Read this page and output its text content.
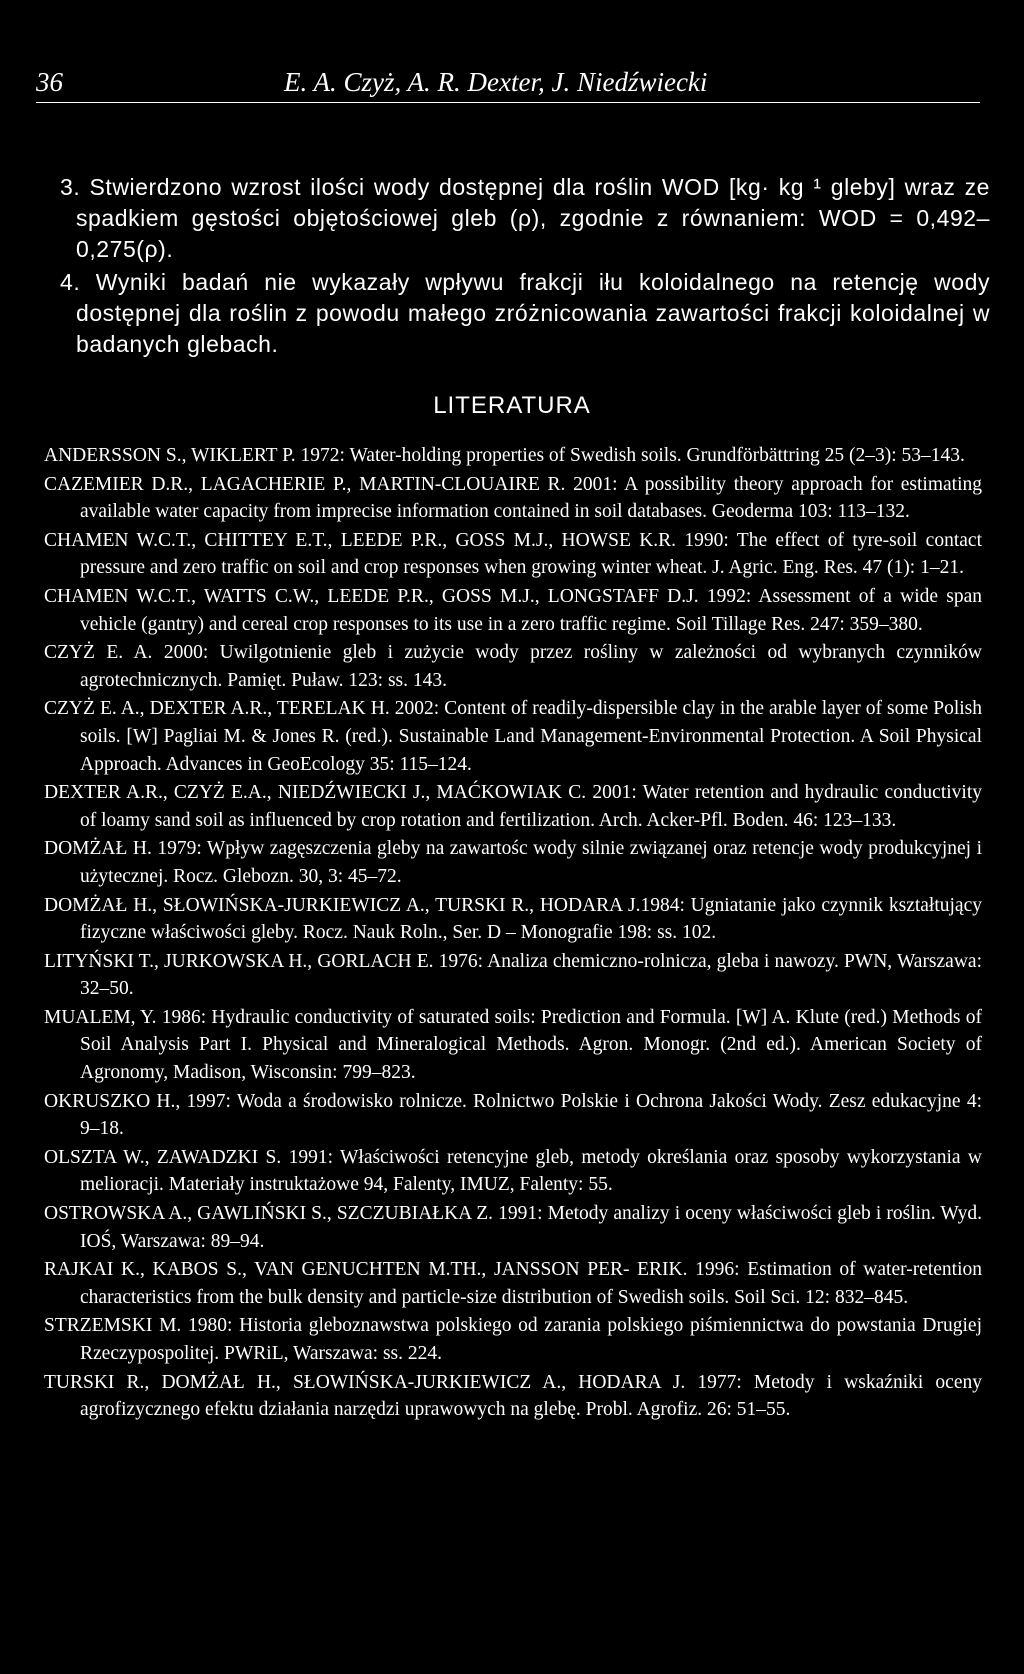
36	E. A. Czyż, A. R. Dexter, J. Niedźwiecki

3. Stwierdzono wzrost ilości wody dostępnej dla roślin WOD [kg· kg ¹ gleby] wraz ze spadkiem gęstości objętościowej gleb (ρ), zgodnie z równaniem: WOD = 0,492–0,275(ρ).

4. Wyniki badań nie wykazały wpływu frakcji iłu koloidalnego na retencję wody dostępnej dla roślin z powodu małego zróżnicowania zawartości frakcji koloidalnej w badanych glebach.

LITERATURA
ANDERSSON S., WIKLERT P. 1972: Water-holding properties of Swedish soils. Grundförbättring 25 (2–3): 53–143.
CAZEMIER D.R., LAGACHERIE P., MARTIN-CLOUAIRE R. 2001: A possibility theory approach for estimating available water capacity from imprecise information contained in soil databases. Geoderma 103: 113–132.
CHAMEN W.C.T., CHITTEY E.T., LEEDE P.R., GOSS M.J., HOWSE K.R. 1990: The effect of tyre-soil contact pressure and zero traffic on soil and crop responses when growing winter wheat. J. Agric. Eng. Res. 47 (1): 1–21.
CHAMEN W.C.T., WATTS C.W., LEEDE P.R., GOSS M.J., LONGSTAFF D.J. 1992: Assessment of a wide span vehicle (gantry) and cereal crop responses to its use in a zero traffic regime. Soil Tillage Res. 247: 359–380.
CZYŻ E. A. 2000: Uwilgotnienie gleb i zużycie wody przez rośliny w zależności od wybranych czynników agrotechnicznych. Pamięt. Puław. 123: ss. 143.
CZYŻ E. A., DEXTER A.R., TERELAK H. 2002: Content of readily-dispersible clay in the arable layer of some Polish soils. [W] Pagliai M. & Jones R. (red.). Sustainable Land Management-Environmental Protection. A Soil Physical Approach. Advances in GeoEcology 35: 115–124.
DEXTER A.R., CZYŻ E.A., NIEDŹWIECKI J., MAĆKOWIAK C. 2001: Water retention and hydraulic conductivity of loamy sand soil as influenced by crop rotation and fertilization. Arch. Acker-Pfl. Boden. 46: 123–133.
DOMŻAŁ H. 1979: Wpływ zagęszczenia gleby na zawartośc wody silnie związanej oraz retencje wody produkcyjnej i użytecznej. Rocz. Glebozn. 30, 3: 45–72.
DOMŻAŁ H., SŁOWIŃSKA-JURKIEWICZ A., TURSKI R., HODARA J.1984: Ugniatanie jako czynnik kształtujący fizyczne właściwości gleby. Rocz. Nauk Roln., Ser. D – Monografie 198: ss. 102.
LITYŃSKI T., JURKOWSKA H., GORLACH E. 1976: Analiza chemiczno-rolnicza, gleba i nawozy. PWN, Warszawa: 32–50.
MUALEM, Y. 1986: Hydraulic conductivity of saturated soils: Prediction and Formula. [W] A. Klute (red.) Methods of Soil Analysis Part I. Physical and Mineralogical Methods. Agron. Monogr. (2nd ed.). American Society of Agronomy, Madison, Wisconsin: 799–823.
OKRUSZKO H., 1997: Woda a środowisko rolnicze. Rolnictwo Polskie i Ochrona Jakości Wody. Zesz edukacyjne 4: 9–18.
OLSZTA W., ZAWADZKI S. 1991: Właściwości retencyjne gleb, metody określania oraz sposoby wykorzystania w melioracji. Materiały instruktażowe 94, Falenty, IMUZ, Falenty: 55.
OSTROWSKA A., GAWLIŃSKI S., SZCZUBIAŁKA Z. 1991: Metody analizy i oceny właściwości gleb i roślin. Wyd. IOŚ, Warszawa: 89–94.
RAJKAI K., KABOS S., VAN GENUCHTEN M.TH., JANSSON PER- ERIK. 1996: Estimation of water-retention characteristics from the bulk density and particle-size distribution of Swedish soils. Soil Sci. 12: 832–845.
STRZEMSKI M. 1980: Historia gleboznawstwa polskiego od zarania polskiego piśmiennictwa do powstania Drugiej Rzeczypospolitej. PWRiL, Warszawa: ss. 224.
TURSKI R., DOMŻAŁ H., SŁOWIŃSKA-JURKIEWICZ A., HODARA J. 1977: Metody i wskaźniki oceny agrofizycznego efektu działania narzędzi uprawowych na glebę. Probl. Agrofiz. 26: 51–55.
